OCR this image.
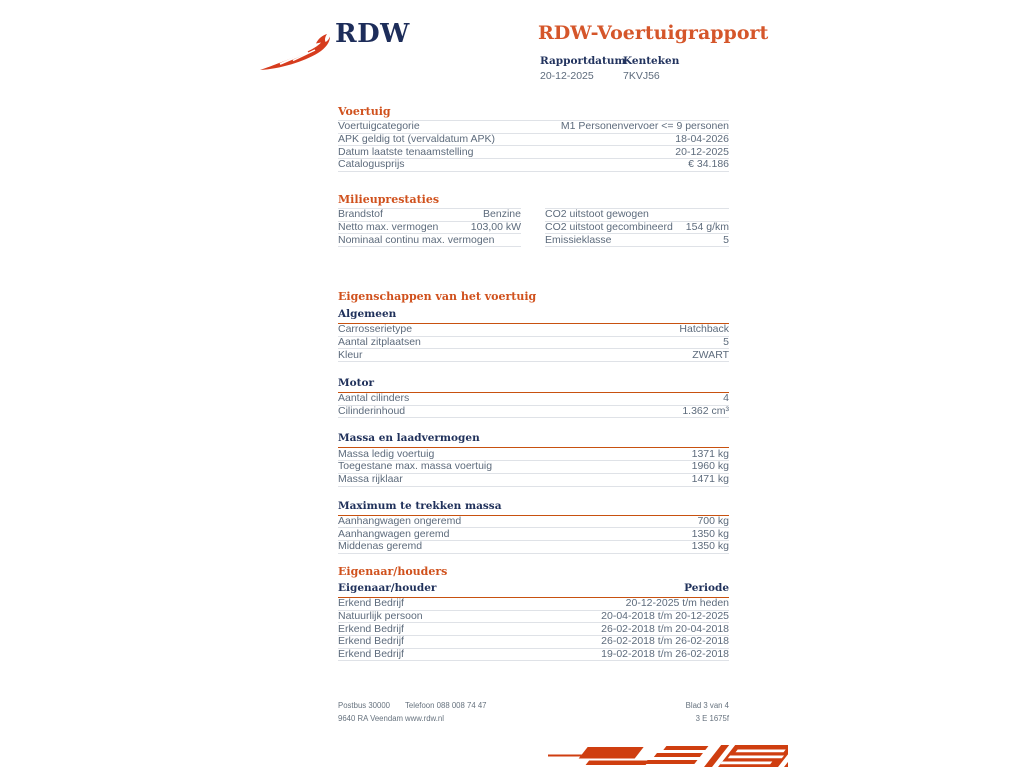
RDW	RDW-Voertuigrapport
Rapportdatum
20-12-2025
Kenteken
7KVJ56
Voertuig
Voertuigcategorie	M1 Personenvervoer <= 9 personen
APK geldig tot (vervaldatum APK)	18-04-2026
Datum laatste tenaamstelling	20-12-2025
Catalogusprijs	€ 34.186
Milieuprestaties
Brandstof	Benzine
Netto max. vermogen	103,00 kW
Nominaal continu max. vermogen
CO2 uitstoot gewogen
CO2 uitstoot gecombineerd 154 g/km
Emissieklasse	5
Eigenschappen van het voertuig
Algemeen
Carrosserietype	Hatchback
Aantal zitplaatsen	5
Kleur	ZWART
Motor
Aantal cilinders	4
Cilinderinhoud	1.362 cm³
Massa en laadvermogen
Massa ledig voertuig	1371 kg
Toegestane max. massa voertuig	1960 kg
Massa rijklaar	1471 kg
Maximum te trekken massa
Aanhangwagen ongeremd	700 kg
Aanhangwagen geremd	1350 kg
Middenas geremd	1350 kg
Eigenaar/houders
Eigenaar/houder	Periode
Erkend Bedrijf	20-12-2025 t/m heden
Natuurlijk persoon	20-04-2018 t/m 20-12-2025
Erkend Bedrijf	26-02-2018 t/m 20-04-2018
Erkend Bedrijf	26-02-2018 t/m 26-02-2018
Erkend Bedrijf	19-02-2018 t/m 26-02-2018
Postbus 30000
9640 RA Veendam
Telefoon 088 008 74 47
www.rdw.nl
Blad 3 van 4
3 E 1675f
